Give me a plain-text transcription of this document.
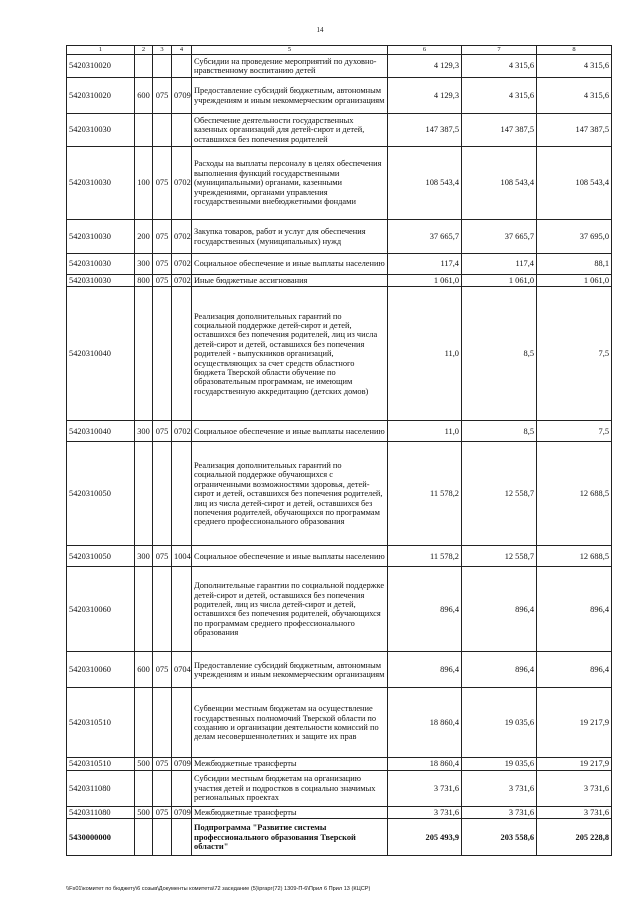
14
1	2	3	4	5	6	7	8
5420310020				Субсидии на проведение мероприятий по духовно-нравственному воспитанию детей	4 129,3	4 315,6	4 315,6
5420310020	600	075	0709	Предоставление субсидий бюджетным, автономным учреждениям и иным некоммерческим организациям	4 129,3	4 315,6	4 315,6
5420310030				Обеспечение деятельности государственных казенных организаций для детей-сирот и детей, оставшихся без попечения родителей	147 387,5	147 387,5	147 387,5
5420310030	100	075	0702	Расходы на выплаты персоналу в целях обеспечения выполнения функций государственными (муниципальными) органами, казенными учреждениями, органами управления государственными внебюджетными фондами	108 543,4	108 543,4	108 543,4
5420310030	200	075	0702	Закупка товаров, работ и услуг для обеспечения государственных (муниципальных) нужд	37 665,7	37 665,7	37 695,0
5420310030	300	075	0702	Социальное обеспечение и иные выплаты населению	117,4	117,4	88,1
5420310030	800	075	0702	Иные бюджетные ассигнования	1 061,0	1 061,0	1 061,0
5420310040				Реализация дополнительных гарантий по социальной поддержке детей-сирот и детей, оставшихся без попечения родителей, лиц из числа детей-сирот и детей, оставшихся без попечения родителей - выпускников организаций, осуществляющих за счет средств областного бюджета Тверской области обучение по образовательным программам, не имеющим государственную аккредитацию (детских домов)	11,0	8,5	7,5
5420310040	300	075	0702	Социальное обеспечение и иные выплаты населению	11,0	8,5	7,5
5420310050				Реализация дополнительных гарантий по социальной поддержке обучающихся с ограниченными возможностями здоровья, детей-сирот и детей, оставшихся без попечения родителей, лиц из числа детей-сирот и детей, оставшихся без попечения родителей, обучающихся по программам среднего профессионального образования	11 578,2	12 558,7	12 688,5
5420310050	300	075	1004	Социальное обеспечение и иные выплаты населению	11 578,2	12 558,7	12 688,5
5420310060				Дополнительные гарантии по социальной поддержке детей-сирот и детей, оставшихся без попечения родителей, лиц из числа детей-сирот и детей, оставшихся без попечения родителей, обучающихся по программам среднего профессионального образования	896,4	896,4	896,4
5420310060	600	075	0704	Предоставление субсидий бюджетным, автономным учреждениям и иным некоммерческим организациям	896,4	896,4	896,4
5420310510				Субвенции местным бюджетам на осуществление государственных полномочий Тверской области по созданию и организации деятельности комиссий по делам несовершеннолетних и защите их прав	18 860,4	19 035,6	19 217,9
5420310510	500	075	0709	Межбюджетные трансферты	18 860,4	19 035,6	19 217,9
5420311080				Субсидии местным бюджетам на организацию участия детей и подростков в социально значимых региональных проектах	3 731,6	3 731,6	3 731,6
5420311080	500	075	0709	Межбюджетные трансферты	3 731,6	3 731,6	3 731,6
5430000000				Подпрограмма "Развитие системы профессионального образования Тверской области"	205 493,9	203 558,6	205 228,8
\\Fs01\комитет по бюджету\6 созыв\Документы комитета\72 заседание (5)\ргарг(72) 1309-П-6\Прил 6 Прил 13 (КЦСР)
